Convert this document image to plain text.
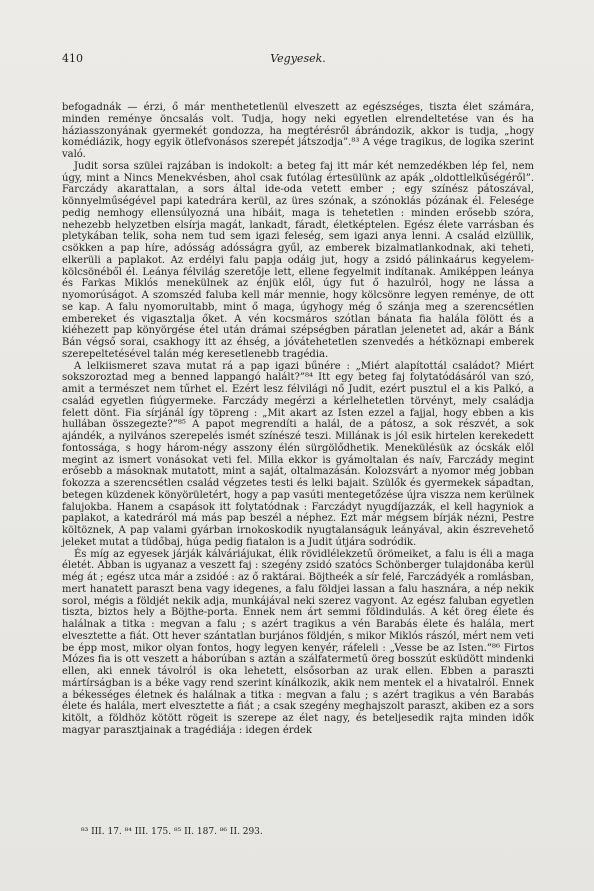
410	Vegyesek.

befogadnák — érzi, ő már menthetetlenül elveszett az egészséges, tiszta élet számára, minden reménye öncsalás volt. Tudja, hogy neki egyetlen elrendeltetése van és ha háziasszonyának gyermekét gondozza, ha megtérésről ábrándozik, akkor is tudja, „hogy komédiázik, hogy egyik ötlefvonásos szerepét játszodja”.⁸³ A vége tragikus, de logika szerint való.

Judit sorsa szülei rajzában is indokolt: a beteg faj itt már két nemzedékben lép fel, nem úgy, mint a Nincs Menekvésben, ahol csak futólag értesülünk az apák „oldottlelkűségéről”. Farczády akarattalan, a sors által ide-oda vetett ember ; egy színész pátoszával, könnyelműségével papi katedrára kerül, az üres szónak, a szónoklás pózának él. Felesége pedig nemhogy ellensúlyozná una hibáit, maga is tehetetlen : minden erősebb szóra, nehezebb helyzetben elsírja magát, lankadt, fáradt, életképtelen. Egész élete varrásban és pletykában telik, soha nem tud sem igazi feleség, sem igazi anya lenni. A család elzüllik, csökken a pap híre, adósság adósságra gyűl, az emberek bizalmatlankodnak, aki teheti, elkerüli a paplakot. Az erdélyi falu papja odáig jut, hogy a zsidó pálinkaárus kegyelem-kölcsönéből él. Leánya félvilág szeretője lett, ellene fegyelmit indítanak. Amiképpen leánya és Farkas Miklós menekülnek az énjük elől, úgy fut ő hazulról, hogy ne lássa a nyomorúságot. A szomszéd faluba kell már mennie, hogy kölcsönre legyen reménye, de ott se kap. A falu nyomorultabb, mint ő maga, úgyhogy még ő szánja meg a szerencsétlen embereket és vigasztalja őket. A vén kocsmáros szótlan bánata fia halála fölött és a kiéhezett pap könyörgése étel után drámai szépségben páratlan jelenetet ad, akár a Bánk Bán végső sorai, csakhogy itt az éhség, a jóvátehetetlen szenvedés a hétköznapi emberek szerepeltetésével talán még keresetlenebb tragédia.

A lelkiismeret szava mutat rá a pap igazi bűnére : „Miért alapítottál családot? Miért sokszoroztad meg a benned lappangó halált?”⁸⁴ Itt egy beteg faj folytatódásáról van szó, amit a természet nem tűrhet el. Ezért lesz félvilági nő Judit, ezért pusztul el a kis Palkó, a család egyetlen fiúgyermeke. Farczády megérzi a kérlelhetetlen törvényt, mely családja felett dönt. Fia sírjánál így töpreng : „Mit akart az Isten ezzel a fajjal, hogy ebben a kis hullában összegezte?”⁸⁵ A papot megrendíti a halál, de a pátosz, a sok részvét, a sok ajándék, a nyilvános szerepelés ismét színészé teszi. Millának is jól esik hirtelen kerekedett fontossága, s hogy három-négy asszony élén sürgölődhetik. Menekülésük az ócskák elől megint az ismert vonásokat veti fel. Milla ekkor is gyámoltalan és naív, Farczády megint erősebb a másoknak mutatott, mint a saját, oltalmazásán. Kolozsvárt a nyomor még jobban fokozza a szerencsétlen család végzetes testi és lelki bajait. Szülők és gyermekek sápadtan, betegen küzdenek könyörületért, hogy a pap vasúti mentegetőzése újra viszza nem kerülnek falujokba. Hanem a csapások itt folytatódnak : Farczádyt nyugdíjazzák, el kell hagyniok a paplakot, a katedráról má más pap beszél a néphez. Ezt már mégsem bírják nézni, Pestre költöznek, A pap valami gyárban irnokoskodik nyugtalanságuk leányával, akin észrevehető jeleket mutat a tüdőbaj, húga pedig fiatalon is a Judit útjára sodródik.

És míg az egyesek járják kálváriájukat, élik rövidlélekzetű örömeiket, a falu is éli a maga életét. Abban is ugyanaz a veszett faj : szegény zsidó szatócs Schönberger tulajdonába kerül még át ; egész utca már a zsidóé : az ő raktárai. Böjtheék a sír felé, Farczádyék a romlásban, mert hanatett paraszt bena vagy idegenes, a falu földjei lassan a falu hasznára, a nép nekik sorol, mégis a földjét nekik adja, munkájával neki szerez vagyont. Az egész faluban egyetlen tiszta, biztos hely a Böjthe-porta. Ennek nem árt semmi földindulás. A két öreg élete és halálnak a titka : megvan a falu ; s azért tragikus a vén Barabás élete és halála, mert elvesztette a fiát. Ott hever szántatlan burjános földjén, s mikor Miklós rászól, mért nem veti be épp most, mikor olyan fontos, hogy legyen kenyér, ráfeleli : „Vesse be az Isten.”⁸⁶ Firtos Mózes fia is ott veszett a háborúban s aztán a szálfatermetű öreg bosszút esküdött mindenki ellen, aki ennek távolról is oka lehetett, elsősorban az urak ellen. Ebben a paraszti mártírságban is a béke vagy rend szerint kínálkozik, akik nem mentek el a hivatalról. Ennek a békességes életnek és halálnak a titka : megvan a falu ; s azért tragikus a vén Barabás élete és halála, mert elvesztette a fiát ; a csak szegény meghajszolt paraszt, akiben ez a sors kitölt, a földhöz kötött rögeit is szerepe az élet nagy, és beteljesedik rajta minden idők magyar parasztjainak a tragédiája : idegen érdek

⁸³ III. 17. ⁸⁴ III. 175. ⁸⁵ II. 187. ⁸⁶ II. 293.
